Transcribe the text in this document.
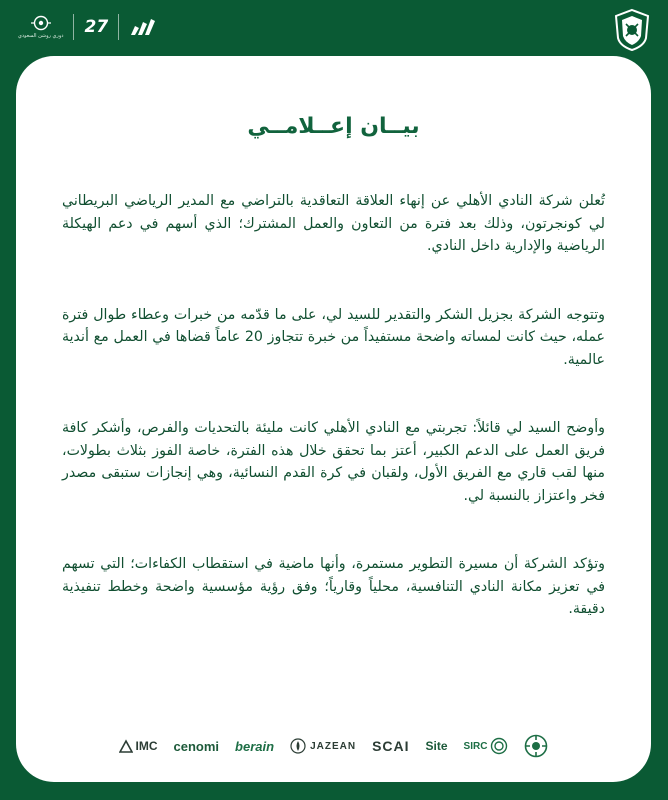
دوري روشن السعودي 27
بيــان إعــلامــي

تُعلن شركة النادي الأهلي عن إنهاء العلاقة التعاقدية بالتراضي مع المدير الرياضي البريطاني لي كونجرتون، وذلك بعد فترة من التعاون والعمل المشترك؛ الذي أسهم في دعم الهيكلة الرياضية والإدارية داخل النادي.

وتتوجه الشركة بجزيل الشكر والتقدير للسيد لي، على ما قدّمه من خبرات وعطاء طوال فترة عمله، حيث كانت لمساته واضحة مستفيداً من خبرة تتجاوز 20 عاماً قضاها في العمل مع أندية عالمية.

وأوضح السيد لي قائلاً: تجربتي مع النادي الأهلي كانت مليئة بالتحديات والفرص، وأشكر كافة فريق العمل على الدعم الكبير، أعتز بما تحقق خلال هذه الفترة، خاصة الفوز بثلاث بطولات، منها لقب قاري مع الفريق الأول، ولقبان في كرة القدم النسائية، وهي إنجازات ستبقى مصدر فخر واعتزاز بالنسبة لي.

وتؤكد الشركة أن مسيرة التطوير مستمرة، وأنها ماضية في استقطاب الكفاءات؛ التي تسهم في تعزيز مكانة النادي التنافسية، محلياً وقارياً؛ وفق رؤية مؤسسية واضحة وخطط تنفيذية دقيقة.

IMC cenomi berain	JAZEAN SCAI Site SIRC
